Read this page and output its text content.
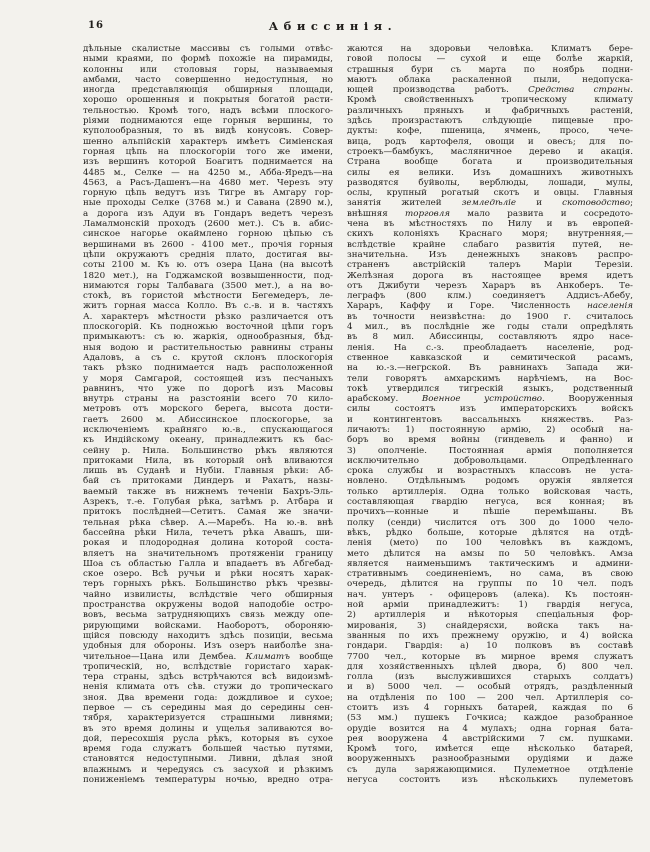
16	Абиссинія.
дѣльные скалистые массивы съ голыми отвѣс-
ными краями, по формѣ похожіе на пирамиды,
колонны или столовыя горы, называемыя
амбами, часто совершенно недоступныя, но
иногда представляющія обширныя площади,
хорошо орошенныя и покрытыя богатой расти-
тельностью. Кромѣ того, надъ всѣми плоского-
ріями поднимаются еще горныя вершины, то
куполообразныя, то въ видѣ конусовъ. Совер-
шенно альпійскій характеръ имѣетъ Симіенская
горная цѣпь на плоскогоріи того же имени,
изъ вершинъ которой Боагитъ поднимается на
4485 м., Селке — на 4250 м., Абба-Яредъ—на
4563, а Расъ-Дашенъ—на 4680 мет. Черезъ эту
горную цѣпь ведутъ изъ Тигре въ Амгару гор-
ные проходы Селке (3768 м.) и Савана (2890 м.),
а дорога изъ Адуи въ Гондаръ ведетъ черезъ
Ламалмонскій проходъ (2600 мет.). Съ в. абис-
синское нагорье окаймлено горною цѣпью съ
вершинами въ 2600 - 4100 мет., прочія горныя
цѣпи окружаютъ среднія плато, достигая вы-
соты 2100 м. Къ ю. отъ озера Цана (на высотѣ
1820 мет.), на Годжамской возвышенности, под-
нимаются горы Талбавага (3500 мет.), а на во-
стокѣ, въ гористой мѣстности Бегемедеръ, ле-
житъ горная масса Колло. Въ с.-в. и в. частяхъ
А. характеръ мѣстности рѣзко различается отъ
плоскогорій. Къ подножью восточной цѣпи горъ
примыкаютъ: съ ю. жаркія, однообразныя, бѣд-
ныя водою и растительностью равнины страны
Адаловъ, а съ с. крутой склонъ плоскогорія
такъ рѣзко поднимается надъ расположенной
у моря Самгарой, состоящей изъ песчаныхъ
равнинъ, что уже по дорогѣ изъ Масовы
внутрь страны на разстояніи всего 70 кило-
метровъ отъ морского берега, высота дости-
гаетъ 2600 м. Абиссинское плоскогорье, за
исключеніемъ крайняго ю.-в., спускающагося
къ Индійскому океану, принадлежитъ къ бас-
сейну р. Нила. Большинство рѣкъ являются
притоками Нила, въ который онѣ вливаются
лишь въ Суданѣ и Нубіи. Главныя рѣки: Аб-
бай съ притоками Диндеръ и Рахатъ, назы-
ваемый также въ нижнемъ теченіи Бахръ-Эль-
Азрекъ, т.-е. Голубая рѣка, затѣмъ р. Атбара и
притокъ послѣдней—Сетитъ. Самая же значи-
тельная рѣка сѣвер. А.—Маребъ. На ю.-в. внѣ
бассейна рѣки Нила, течетъ рѣка Авашъ, ши-
рокая и плодородная долина которой соста-
вляетъ на значительномъ протяженіи границу
Шоа съ областью Галла и впадаетъ въ Абгебад-
ское озеро. Всѣ ручьи и рѣки носятъ харак-
теръ горныхъ рѣкъ. Большинство рѣкъ чрезвы-
чайно извилисты, вслѣдствіе чего обширныя
пространства окружены водой наподобіе остро-
вовъ, весьма затрудняющихъ связь между опе-
рирующими войсками. Наоборотъ, обороняю-
щійся повсюду находитъ здѣсь позиціи, весьма
удобныя для обороны. Изъ озеръ наиболѣе зна-
чительное—Цана или Дембеа. Климатъ вообще
тропическій, но, вслѣдствіе гористаго харак-
тера страны, здѣсь встрѣчаются всѣ видоизмѣ-
ненія климата отъ сѣв. стужи до тропическаго
зноя. Два времени года: дождливое и сухое;
первое — съ середины мая до середины сен-
тября, характеризуется страшными ливнями;
въ это время долины и ущелья заливаются во-
дой, пересохшія русла рѣкъ, которыя въ сухое
время года служатъ большей частью путями,
становятся недоступными. Ливни, дѣлая зной
влажнымъ и чередуясь съ засухой и рѣзкимъ
пониженіемъ температуры ночью, вредно отра-
жаются на здоровьи человѣка. Климатъ бере-
говой полосы — сухой и еще болѣе жаркій,
страшныя бури съ марта по ноябрь подни-
маютъ облака раскаленной пыли, недопуска-
ющей производства работъ. Средства страны.
Кромѣ свойственныхъ тропическому климату
различныхъ пряныхъ и фабричныхъ растеній,
здѣсь произрастаютъ слѣдующіе пищевые про-
дукты: кофе, пшеница, ячмень, просо, чече-
вица, родъ картофеля, овощи и овесъ; для по-
строекъ—бамбукъ, масляничное дерево и акація.
Страна вообще богата и производительныя
силы ея велики. Изъ домашнихъ животныхъ
разводятся буйволы, верблюды, лошади, мулы,
ослы, крупный рогатый скотъ и овцы. Главныя
занятія жителей земледѣліе и скотоводство;
внѣшняя торговля мало развита и сосредото-
чена въ мѣстностяхъ по Нилу и въ европей-
скихъ колоніяхъ Краснаго моря; внутренняя,—
вслѣдствіе крайне слабаго развитія путей, не-
значительна. Изъ денежныхъ знаковъ распро-
страненъ австрійскій талеръ Маріи Терезіи.
Желѣзная дорога въ настоящее время идетъ
отъ Джибути черезъ Хараръ въ Анкоберъ. Те-
леграфъ (800 клм.) соединяетъ Аддисъ-Абебу,
Хараръ, Каффу и Горе. Численность населенія
въ точности неизвѣстна: до 1900 г. считалось
4 мил., въ послѣдніе же годы стали опредѣлять
въ 8 мил. Абиссинцы, составляютъ ядро насе-
ленія. На с.-з. преобладаетъ населеніе, род-
ственное кавказской и семитической расамъ,
на ю.-з.—негрской. Въ равнинахъ Запада жи-
тели говорятъ амхарскимъ нарѣчіемъ, на Вос-
токѣ утвердился тигрескій языкъ, родственный
арабскому. Военное устройство. Вооруженныя
силы состоятъ изъ императорскихъ войскъ
и контингентовъ вассальныхъ княжествъ. Раз-
личаютъ: 1) постоянную армію, 2) особый на-
боръ во время войны (гиндевель и фанно) и
3) ополченіе. Постоянная армія пополняется
исключительно добровольцами. Опредѣленнаго
срока службы и возрастныхъ классовъ не уста-
новлено. Отдѣльнымъ родомъ оружія является
только артиллерія. Одна только войсковая часть,
составляющая гвардію негуса, вся конная; въ
прочихъ—конные и пѣшіе перемѣшаны. Въ
полку (сенди) числится отъ 300 до 1000 чело-
вѣкъ, рѣдко больше, которые дѣлятся на отдѣ-
ленія (мето) по 100 человѣкъ въ каждомъ,
мето дѣлится на амзы по 50 человѣкъ. Амза
является наименьшимъ тактическимъ и админи-
стративнымъ соединеніемъ, но сама, въ свою
очередь, дѣлится на группы по 10 чел. подъ
нач. унтеръ - офицеровъ (алека). Къ постоян-
ной арміи принадлежитъ: 1) гвардія негуса,
2) артиллерія и нѣкоторыя спеціальныя фор-
мированія, 3) снайдерясхи, войска такъ на-
званныя по ихъ прежнему оружію, и 4) войска
гондари. Гвардія: а) 10 полковъ въ составѣ
7700 чел., которые въ мирное время служатъ
для хозяйственныхъ цѣлей двора, б) 800 чел.
голла (изъ выслужившихся старыхъ солдатъ)
и в) 5000 чел. — особый отрядъ, раздѣленный
на отдѣленія по 100 — 200 чел. Артиллерія со-
стоитъ изъ 4 горныхъ батарей, каждая по 6
(53 мм.) пушекъ Гочкиса; каждое разобранное
орудіе возится на 4 мулахъ; одна горная бата-
рея вооружена 4 австрійскими 7 см. пушками.
Кромѣ того, имѣется еще нѣсколько батарей,
вооруженныхъ разнообразными орудіями и даже
съ дула заряжающимися. Пулеметное отдѣленіе
негуса состоитъ изъ нѣсколькихъ пулеметовъ
